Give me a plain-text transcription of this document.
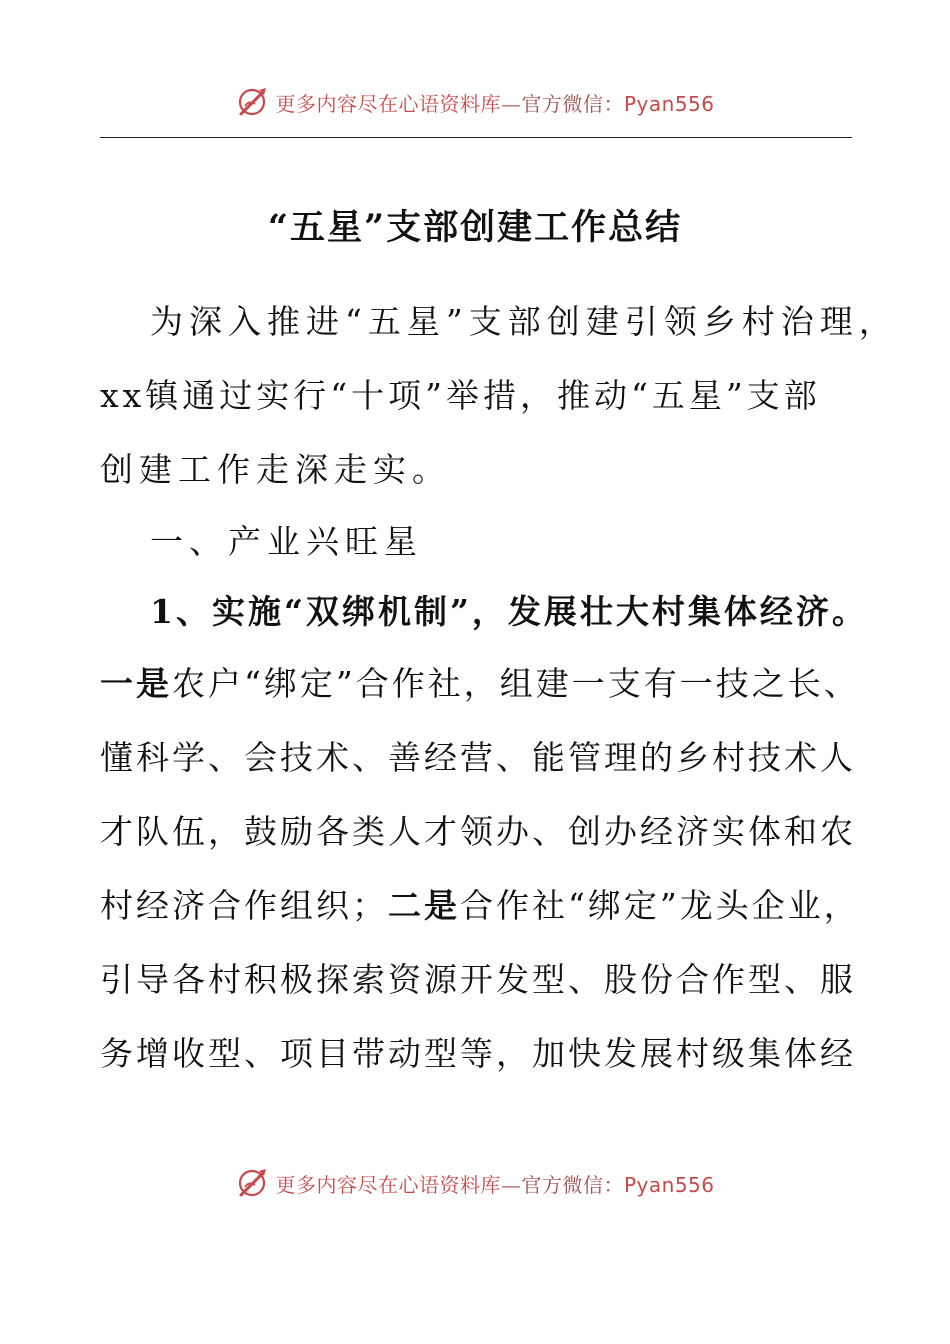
更多内容尽在心语资料库—官方微信：Pyan556
“五星”支部创建工作总结
为深入推进“五星”支部创建引领乡村治理，
xx镇通过实行“十项”举措，推动“五星”支部
创建工作走深走实。
一、产业兴旺星
1、实施“双绑机制”，发展壮大村集体经济。
一是农户“绑定”合作社，组建一支有一技之长、
懂科学、会技术、善经营、能管理的乡村技术人
才队伍，鼓励各类人才领办、创办经济实体和农
村经济合作组织；二是合作社“绑定”龙头企业，
引导各村积极探索资源开发型、股份合作型、服
务增收型、项目带动型等，加快发展村级集体经
更多内容尽在心语资料库—官方微信：Pyan556
